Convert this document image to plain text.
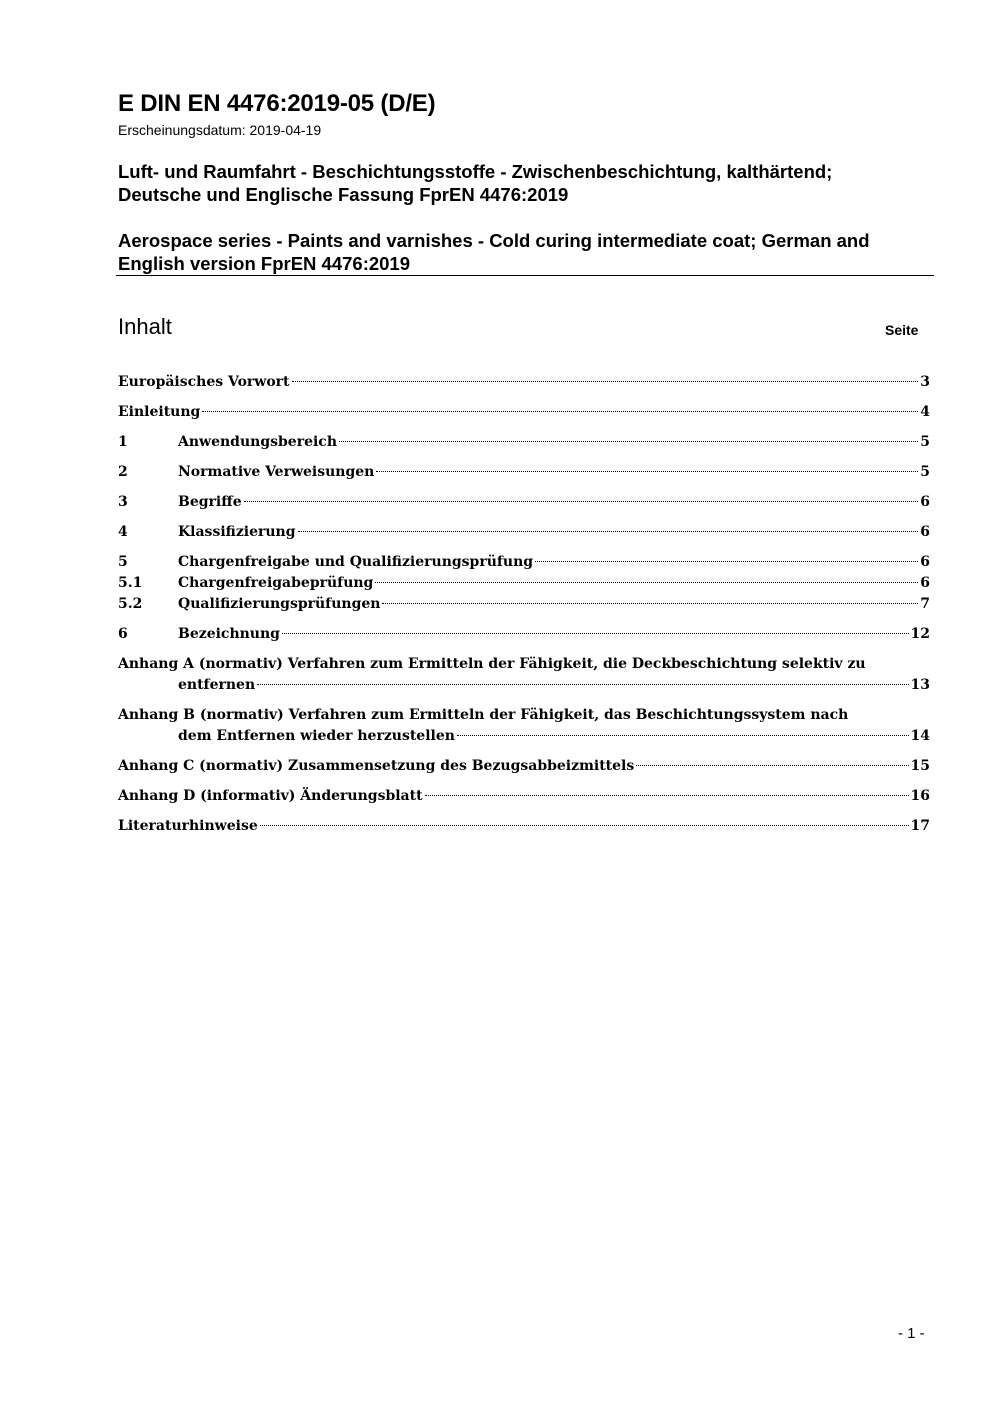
E DIN EN 4476:2019-05 (D/E)
Erscheinungsdatum: 2019-04-19
Luft- und Raumfahrt - Beschichtungsstoffe - Zwischenbeschichtung, kalthärtend;
Deutsche und Englische Fassung FprEN 4476:2019
Aerospace series - Paints and varnishes - Cold curing intermediate coat; German and
English version FprEN 4476:2019
Inhalt	Seite
Europäisches Vorwort	3
Einleitung	4
1	Anwendungsbereich	5
2	Normative Verweisungen	5
3	Begriffe	6
4	Klassifizierung	6
5	Chargenfreigabe und Qualifizierungsprüfung	6
5.1	Chargenfreigabeprüfung	6
5.2	Qualifizierungsprüfungen	7
6	Bezeichnung	12
Anhang A (normativ) Verfahren zum Ermitteln der Fähigkeit, die Deckbeschichtung selektiv zu
entfernen	13
Anhang B (normativ) Verfahren zum Ermitteln der Fähigkeit, das Beschichtungssystem nach
dem Entfernen wieder herzustellen	14
Anhang C (normativ) Zusammensetzung des Bezugsabbeizmittels	15
Anhang D (informativ) Änderungsblatt	16
Literaturhinweise	17
- 1 -
